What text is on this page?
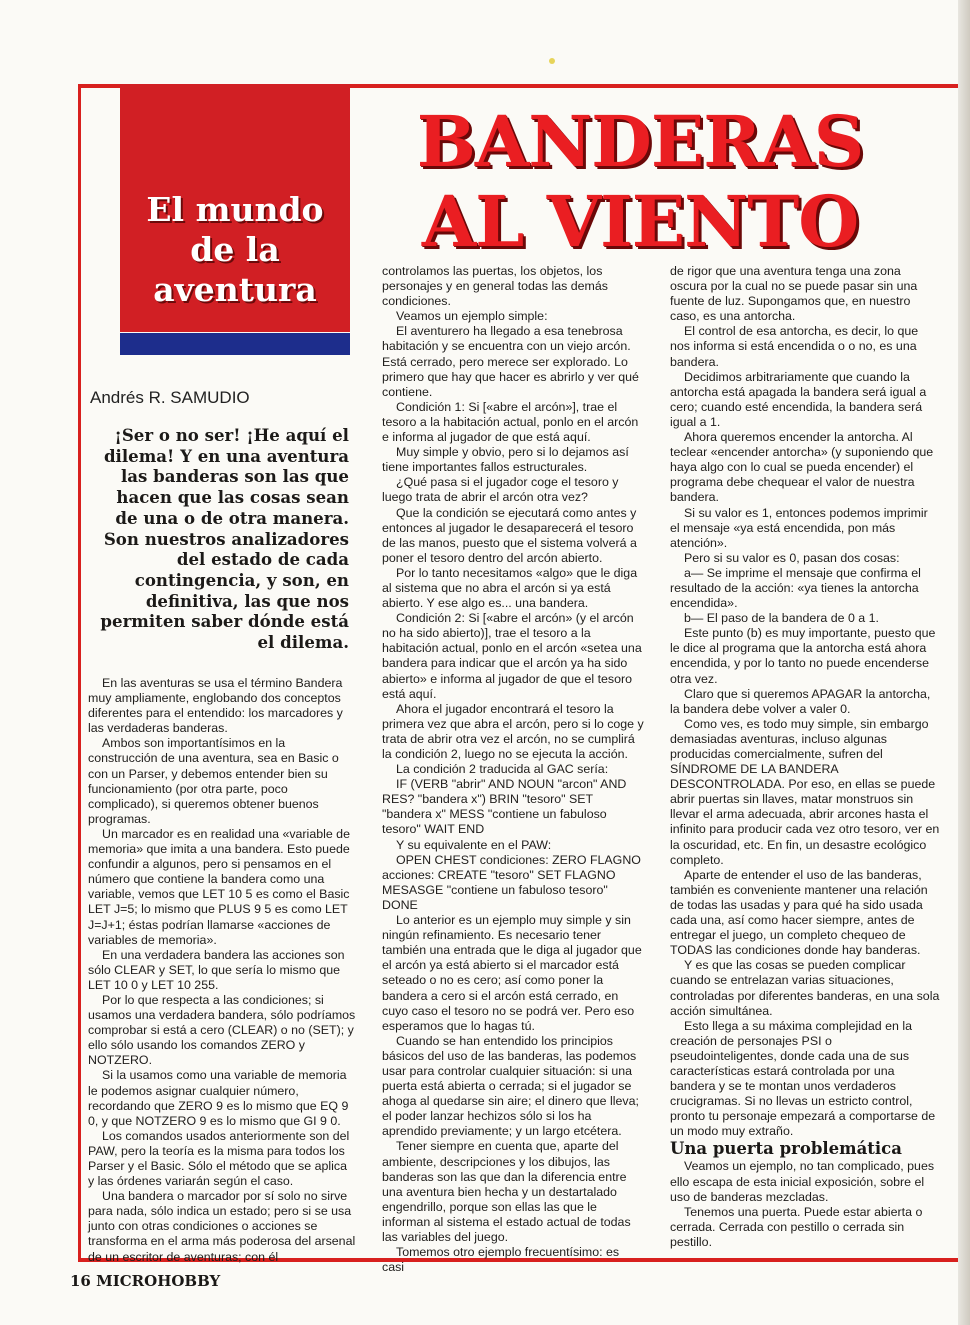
El mundo
de la
aventura
BANDERAS
AL VIENTO
Andrés R. SAMUDIO
¡Ser o no ser! ¡He aquí el dilema! Y en una aventura las banderas son las que hacen que las cosas sean de una o de otra manera. Son nuestros analizadores del estado de cada contingencia, y son, en definitiva, las que nos permiten saber dónde está el dilema.

En las aventuras se usa el término Bandera muy ampliamente, englobando dos conceptos diferentes para el entendido: los marcadores y las verdaderas banderas.

Ambos son importantísimos en la construcción de una aventura, sea en Basic o con un Parser, y debemos entender bien su funcionamiento (por otra parte, poco complicado), si queremos obtener buenos programas.

Un marcador es en realidad una «variable de memoria» que imita a una bandera. Esto puede confundir a algunos, pero si pensamos en el número que contiene la bandera como una variable, vemos que LET 10 5 es como el Basic LET J=5; lo mismo que PLUS 9 5 es como LET J=J+1; éstas podrían llamarse «acciones de variables de memoria».

En una verdadera bandera las acciones son sólo CLEAR y SET, lo que sería lo mismo que LET 10 0 y LET 10 255.

Por lo que respecta a las condiciones; si usamos una verdadera bandera, sólo podríamos comprobar si está a cero (CLEAR) o no (SET); y ello sólo usando los comandos ZERO y NOTZERO.

Si la usamos como una variable de memoria le podemos asignar cualquier número, recordando que ZERO 9 es lo mismo que EQ 9 0, y que NOTZERO 9 es lo mismo que GI 9 0.

Los comandos usados anteriormente son del PAW, pero la teoría es la misma para todos los Parser y el Basic. Sólo el método que se aplica y las órdenes variarán según el caso.

Una bandera o marcador por sí solo no sirve para nada, sólo indica un estado; pero si se usa junto con otras condiciones o acciones se transforma en el arma más poderosa del arsenal de un escritor de aventuras; con él

controlamos las puertas, los objetos, los personajes y en general todas las demás condiciones.

Veamos un ejemplo simple:

El aventurero ha llegado a esa tenebrosa habitación y se encuentra con un viejo arcón. Está cerrado, pero merece ser explorado. Lo primero que hay que hacer es abrirlo y ver qué contiene.

Condición 1: Si [«abre el arcón»], trae el tesoro a la habitación actual, ponlo en el arcón e informa al jugador de que está aquí.

Muy simple y obvio, pero si lo dejamos así tiene importantes fallos estructurales.

¿Qué pasa si el jugador coge el tesoro y luego trata de abrir el arcón otra vez?

Que la condición se ejecutará como antes y entonces al jugador le desaparecerá el tesoro de las manos, puesto que el sistema volverá a poner el tesoro dentro del arcón abierto.

Por lo tanto necesitamos «algo» que le diga al sistema que no abra el arcón si ya está abierto. Y ese algo es... una bandera.

Condición 2: Si [«abre el arcón» (y el arcón no ha sido abierto)], trae el tesoro a la habitación actual, ponlo en el arcón «setea una bandera para indicar que el arcón ya ha sido abierto» e informa al jugador de que el tesoro está aquí.

Ahora el jugador encontrará el tesoro la primera vez que abra el arcón, pero si lo coge y trata de abrir otra vez el arcón, no se cumplirá la condición 2, luego no se ejecuta la acción.

La condición 2 traducida al GAC sería:

IF (VERB "abrir" AND NOUN "arcon" AND RES? "bandera x") BRIN "tesoro" SET "bandera x" MESS "contiene un fabuloso tesoro" WAIT END

Y su equivalente en el PAW:

OPEN CHEST condiciones: ZERO FLAGNO acciones: CREATE "tesoro" SET FLAGNO MESASGE "contiene un fabuloso tesoro" DONE

Lo anterior es un ejemplo muy simple y sin ningún refinamiento. Es necesario tener también una entrada que le diga al jugador que el arcón ya está abierto si el marcador está seteado o no es cero; así como poner la bandera a cero si el arcón está cerrado, en cuyo caso el tesoro no se podrá ver. Pero eso esperamos que lo hagas tú.

Cuando se han entendido los principios básicos del uso de las banderas, las podemos usar para controlar cualquier situación: si una puerta está abierta o cerrada; si el jugador se ahoga al quedarse sin aire; el dinero que lleva; el poder lanzar hechizos sólo si los ha aprendido previamente; y un largo etcétera.

Tener siempre en cuenta que, aparte del ambiente, descripciones y los dibujos, las banderas son las que dan la diferencia entre una aventura bien hecha y un destartalado engendrillo, porque son ellas las que le informan al sistema el estado actual de todas las variables del juego.

Tomemos otro ejemplo frecuentísimo: es casi

de rigor que una aventura tenga una zona oscura por la cual no se puede pasar sin una fuente de luz. Supongamos que, en nuestro caso, es una antorcha.

El control de esa antorcha, es decir, lo que nos informa si está encendida o o no, es una bandera.

Decidimos arbitrariamente que cuando la antorcha está apagada la bandera será igual a cero; cuando esté encendida, la bandera será igual a 1.

Ahora queremos encender la antorcha. Al teclear «encender antorcha» (y suponiendo que haya algo con lo cual se pueda encender) el programa debe chequear el valor de nuestra bandera.

Si su valor es 1, entonces podemos imprimir el mensaje «ya está encendida, pon más atención».

Pero si su valor es 0, pasan dos cosas:

a— Se imprime el mensaje que confirma el resultado de la acción: «ya tienes la antorcha encendida».

b— El paso de la bandera de 0 a 1.

Este punto (b) es muy importante, puesto que le dice al programa que la antorcha está ahora encendida, y por lo tanto no puede encenderse otra vez.

Claro que si queremos APAGAR la antorcha, la bandera debe volver a valer 0.

Como ves, es todo muy simple, sin embargo demasiadas aventuras, incluso algunas producidas comercialmente, sufren del SÍNDROME DE LA BANDERA DESCONTROLADA. Por eso, en ellas se puede abrir puertas sin llaves, matar monstruos sin llevar el arma adecuada, abrir arcones hasta el infinito para producir cada vez otro tesoro, ver en la oscuridad, etc. En fin, un desastre ecológico completo.

Aparte de entender el uso de las banderas, también es conveniente mantener una relación de todas las usadas y para qué ha sido usada cada una, así como hacer siempre, antes de entregar el juego, un completo chequeo de TODAS las condiciones donde hay banderas.

Y es que las cosas se pueden complicar cuando se entrelazan varias situaciones, controladas por diferentes banderas, en una sola acción simultánea.

Esto llega a su máxima complejidad en la creación de personajes PSI o pseudointeligentes, donde cada una de sus características estará controlada por una bandera y se te montan unos verdaderos crucigramas. Si no llevas un estricto control, pronto tu personaje empezará a comportarse de un modo muy extraño.

Una puerta problemática

Veamos un ejemplo, no tan complicado, pues ello escapa de esta inicial exposición, sobre el uso de banderas mezcladas.

Tenemos una puerta. Puede estar abierta o cerrada. Cerrada con pestillo o cerrada sin pestillo.

16 MICROHOBBY
